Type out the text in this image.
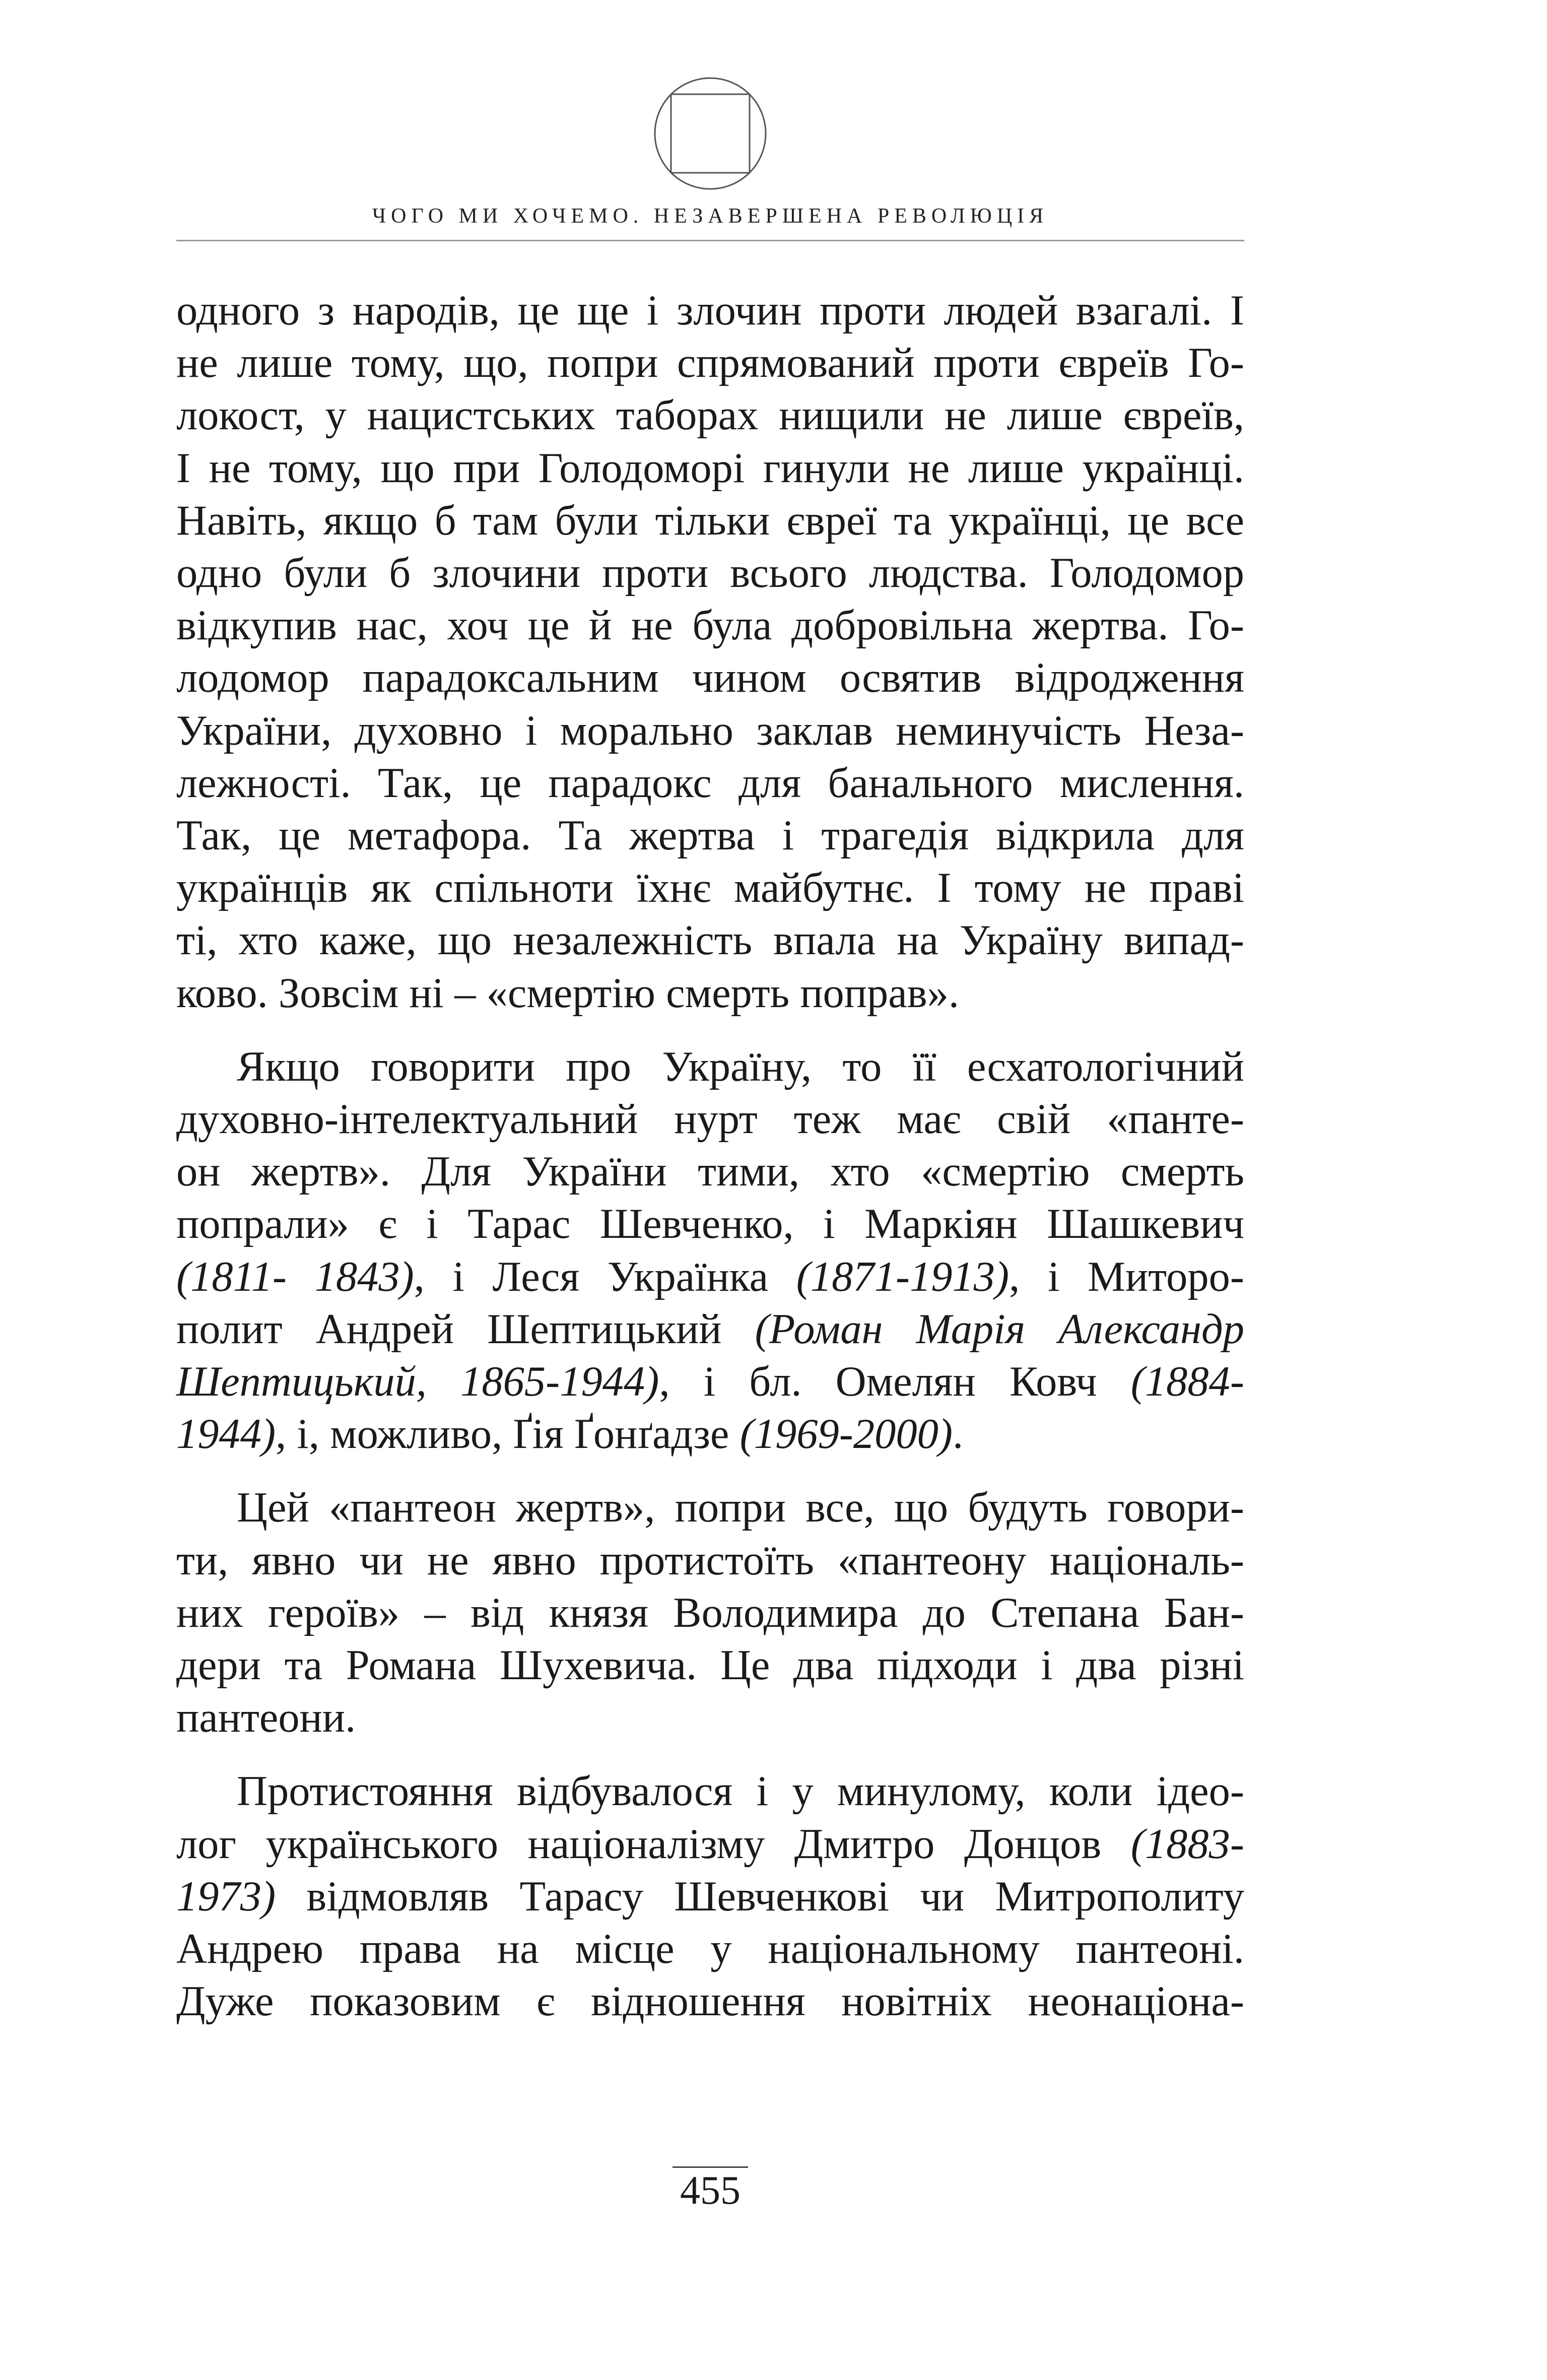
ЧОГО МИ ХОЧЕМО. НЕЗАВЕРШЕНА РЕВОЛЮЦІЯ
одного з народів, це ще і злочин проти людей взагалі. І
не лише тому, що, попри спрямований проти євреїв Го-
локост, у нацистських таборах нищили не лише євреїв,
І не тому, що при Голодоморі гинули не лише українці.
Навіть, якщо б там були тільки євреї та українці, це все
одно були б злочини проти всього людства. Голодомор
відкупив нас, хоч це й не була добровільна жертва. Го-
лодомор парадоксальним чином освятив відродження
України, духовно і морально заклав неминучість Неза-
лежності. Так, це парадокс для банального мислення.
Так, це метафора. Та жертва і трагедія відкрила для
українців як спільноти їхнє майбутнє. І тому не праві
ті, хто каже, що незалежність впала на Україну випад-
ково. Зовсім ні – «смертію смерть поправ».
Якщо говорити про Україну, то її есхатологічний
духовно-інтелектуальний нурт теж має свій «панте-
он жертв». Для України тими, хто «смертію смерть
попрали» є і Тарас Шевченко, і Маркіян Шашкевич
(1811- 1843), і Леся Українка (1871-1913), і Миторо-
полит Андрей Шептицький (Роман Марія Александр
Шептицький, 1865-1944), і бл. Омелян Ковч (1884-
1944), і, можливо, Ґія Ґонґадзе (1969-2000).
Цей «пантеон жертв», попри все, що будуть говори-
ти, явно чи не явно протистоїть «пантеону національ-
них героїв» – від князя Володимира до Степана Бан-
дери та Романа Шухевича. Це два підходи і два різні
пантеони.
Протистояння відбувалося і у минулому, коли ідео-
лог українського націоналізму Дмитро Донцов (1883-
1973) відмовляв Тарасу Шевченкові чи Митрополиту
Андрею права на місце у національному пантеоні.
Дуже показовим є відношення новітніх неонаціона-
455
